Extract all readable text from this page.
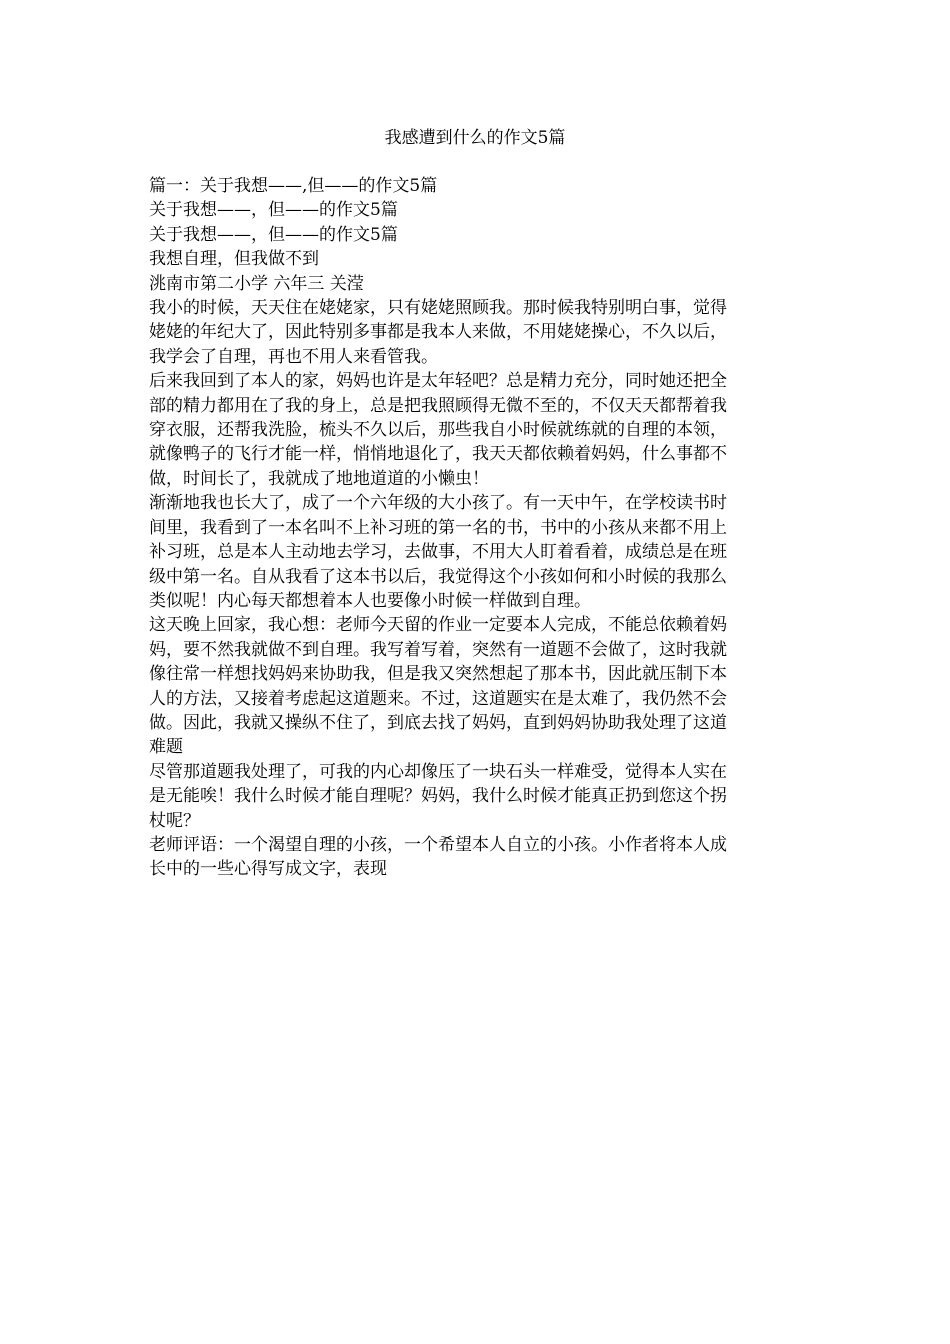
我感遭到什么的作文5篇
篇一：关于我想——,但——的作文5篇
关于我想——，但——的作文5篇
关于我想——，但——的作文5篇
我想自理，但我做不到
洮南市第二小学 六年三 关滢
我小的时候，天天住在姥姥家，只有姥姥照顾我。那时候我特别明白事，觉得
姥姥的年纪大了，因此特别多事都是我本人来做，不用姥姥操心，不久以后，
我学会了自理，再也不用人来看管我。
后来我回到了本人的家，妈妈也许是太年轻吧？总是精力充分，同时她还把全
部的精力都用在了我的身上，总是把我照顾得无微不至的，不仅天天都帮着我
穿衣服，还帮我洗脸，梳头不久以后，那些我自小时候就练就的自理的本领，
就像鸭子的飞行才能一样，悄悄地退化了，我天天都依赖着妈妈，什么事都不
做，时间长了，我就成了地地道道的小懒虫！
渐渐地我也长大了，成了一个六年级的大小孩了。有一天中午，在学校读书时
间里，我看到了一本名叫不上补习班的第一名的书，书中的小孩从来都不用上
补习班，总是本人主动地去学习，去做事，不用大人盯着看着，成绩总是在班
级中第一名。自从我看了这本书以后，我觉得这个小孩如何和小时候的我那么
类似呢！内心每天都想着本人也要像小时候一样做到自理。
这天晚上回家，我心想：老师今天留的作业一定要本人完成，不能总依赖着妈
妈，要不然我就做不到自理。我写着写着，突然有一道题不会做了，这时我就
像往常一样想找妈妈来协助我，但是我又突然想起了那本书，因此就压制下本
人的方法，又接着考虑起这道题来。不过，这道题实在是太难了，我仍然不会
做。因此，我就又操纵不住了，到底去找了妈妈，直到妈妈协助我处理了这道
难题
尽管那道题我处理了，可我的内心却像压了一块石头一样难受，觉得本人实在
是无能唉！我什么时候才能自理呢？妈妈，我什么时候才能真正扔到您这个拐
杖呢？
老师评语：一个渴望自理的小孩，一个希望本人自立的小孩。小作者将本人成
长中的一些心得写成文字，表现
